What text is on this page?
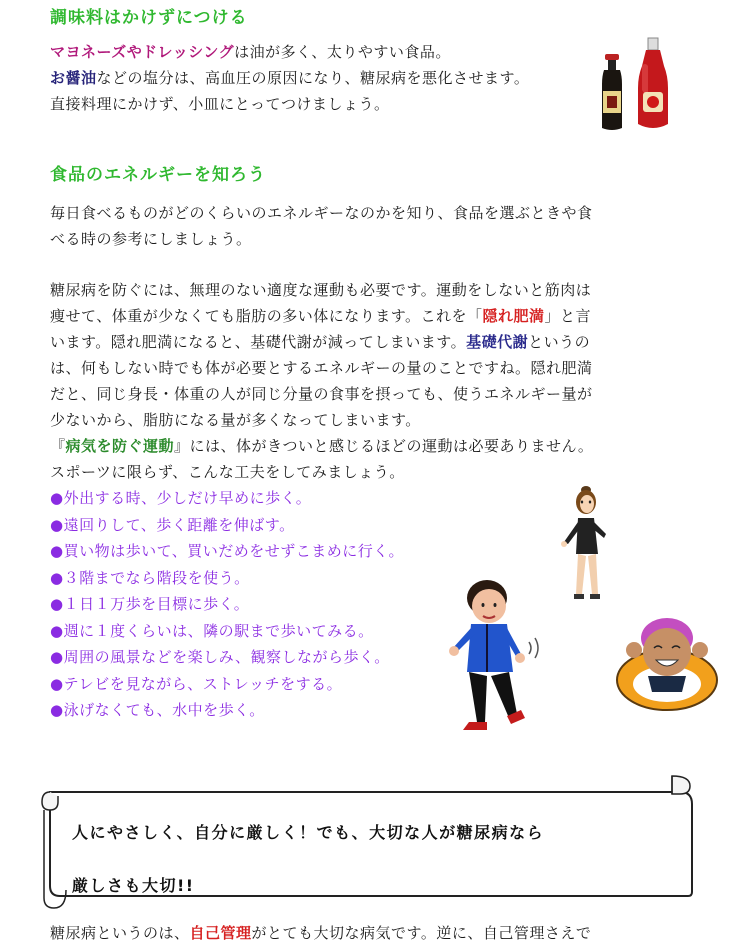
調味料はかけずにつける
マヨネーズやドレッシングは油が多く、太りやすい食品。
お醤油などの塩分は、高血圧の原因になり、糖尿病を悪化させます。
直接料理にかけず、小皿にとってつけましょう。
食品のエネルギーを知ろう
毎日食べるものがどのくらいのエネルギーなのかを知り、食品を選ぶときや食
べる時の参考にしましょう。
糖尿病を防ぐには、無理のない適度な運動も必要です。運動をしないと筋肉は
痩せて、体重が少なくても脂肪の多い体になります。これを「隠れ肥満」と言
います。隠れ肥満になると、基礎代謝が減ってしまいます。基礎代謝というの
は、何もしない時でも体が必要とするエネルギーの量のことですね。隠れ肥満
だと、同じ身長・体重の人が同じ分量の食事を摂っても、使うエネルギー量が
少ないから、脂肪になる量が多くなってしまいます。
『病気を防ぐ運動』には、体がきついと感じるほどの運動は必要ありません。
スポーツに限らず、こんな工夫をしてみましょう。
●外出する時、少しだけ早めに歩く。
●遠回りして、歩く距離を伸ばす。
●買い物は歩いて、買いだめをせずこまめに行く。
●３階までなら階段を使う。
●１日１万歩を目標に歩く。
●週に１度くらいは、隣の駅まで歩いてみる。
●周囲の風景などを楽しみ、観察しながら歩く。
●テレビを見ながら、ストレッチをする。
●泳げなくても、水中を歩く。
人にやさしく、自分に厳しく！でも、大切な人が糖尿病なら
厳しさも大切!!
糖尿病というのは、自己管理がとても大切な病気です。逆に、自己管理さえで
